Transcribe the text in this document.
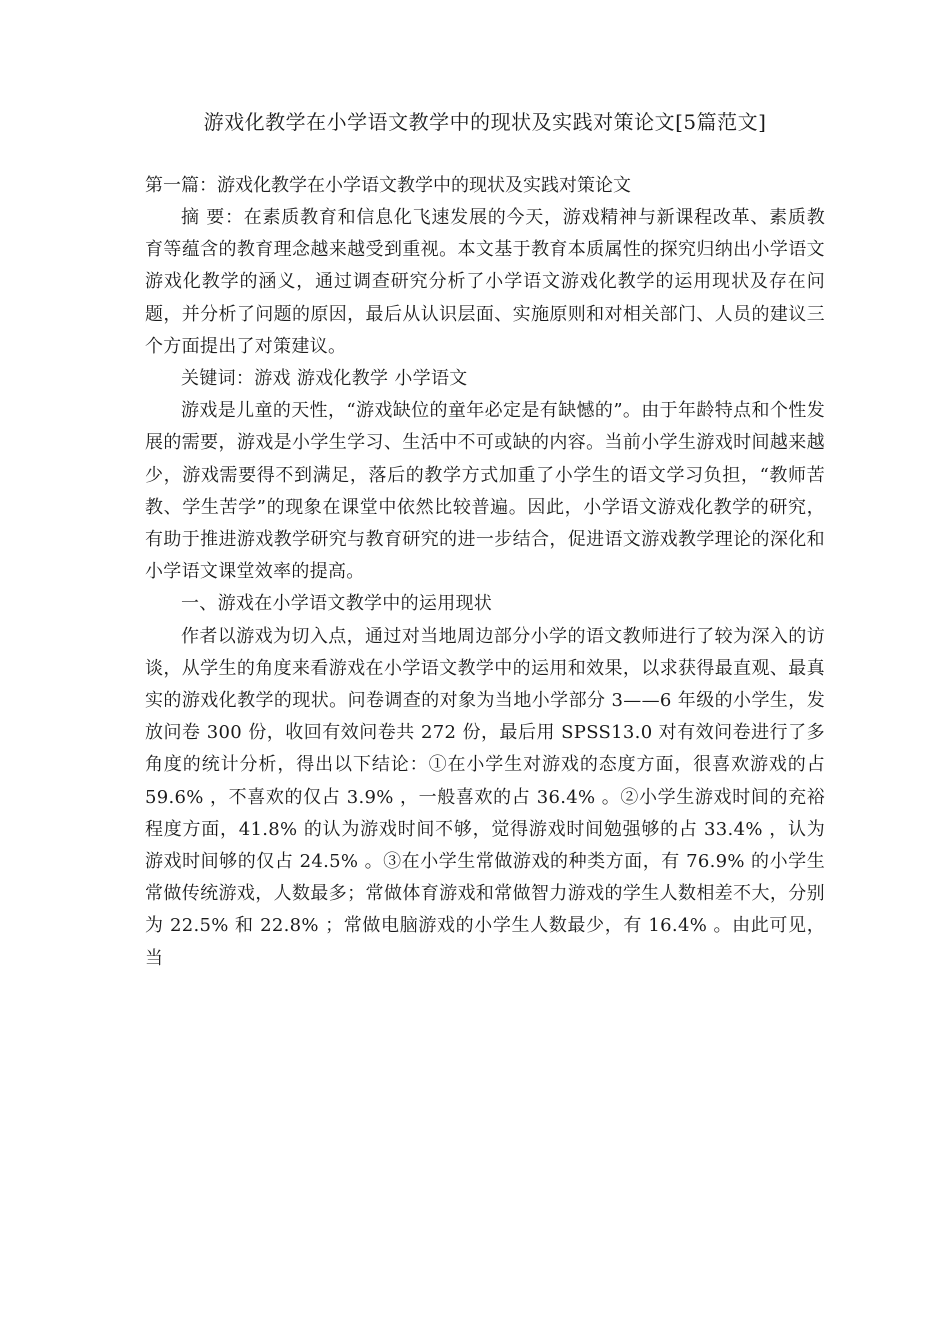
游戏化教学在小学语文教学中的现状及实践对策论文[5篇范文]
第一篇：游戏化教学在小学语文教学中的现状及实践对策论文

摘 要：在素质教育和信息化飞速发展的今天，游戏精神与新课程改革、素质教育等蕴含的教育理念越来越受到重视。本文基于教育本质属性的探究归纳出小学语文游戏化教学的涵义，通过调查研究分析了小学语文游戏化教学的运用现状及存在问题，并分析了问题的原因，最后从认识层面、实施原则和对相关部门、人员的建议三个方面提出了对策建议。

关键词：游戏 游戏化教学 小学语文

游戏是儿童的天性，“游戏缺位的童年必定是有缺憾的”。由于年龄特点和个性发展的需要，游戏是小学生学习、生活中不可或缺的内容。当前小学生游戏时间越来越少，游戏需要得不到满足，落后的教学方式加重了小学生的语文学习负担，“教师苦教、学生苦学”的现象在课堂中依然比较普遍。因此，小学语文游戏化教学的研究，有助于推进游戏教学研究与教育研究的进一步结合，促进语文游戏教学理论的深化和小学语文课堂效率的提高。

一、游戏在小学语文教学中的运用现状

作者以游戏为切入点，通过对当地周边部分小学的语文教师进行了较为深入的访谈，从学生的角度来看游戏在小学语文教学中的运用和效果，以求获得最直观、最真实的游戏化教学的现状。问卷调查的对象为当地小学部分 3——6 年级的小学生，发放问卷 300 份，收回有效问卷共 272 份，最后用 SPSS13.0 对有效问卷进行了多角度的统计分析，得出以下结论：①在小学生对游戏的态度方面，很喜欢游戏的占 59.6% ，不喜欢的仅占 3.9% ，一般喜欢的占 36.4% 。②小学生游戏时间的充裕程度方面，41.8% 的认为游戏时间不够，觉得游戏时间勉强够的占 33.4% ，认为游戏时间够的仅占 24.5% 。③在小学生常做游戏的种类方面，有 76.9% 的小学生常做传统游戏，人数最多；常做体育游戏和常做智力游戏的学生人数相差不大，分别为 22.5% 和 22.8% ；常做电脑游戏的小学生人数最少，有 16.4% 。由此可见，当
